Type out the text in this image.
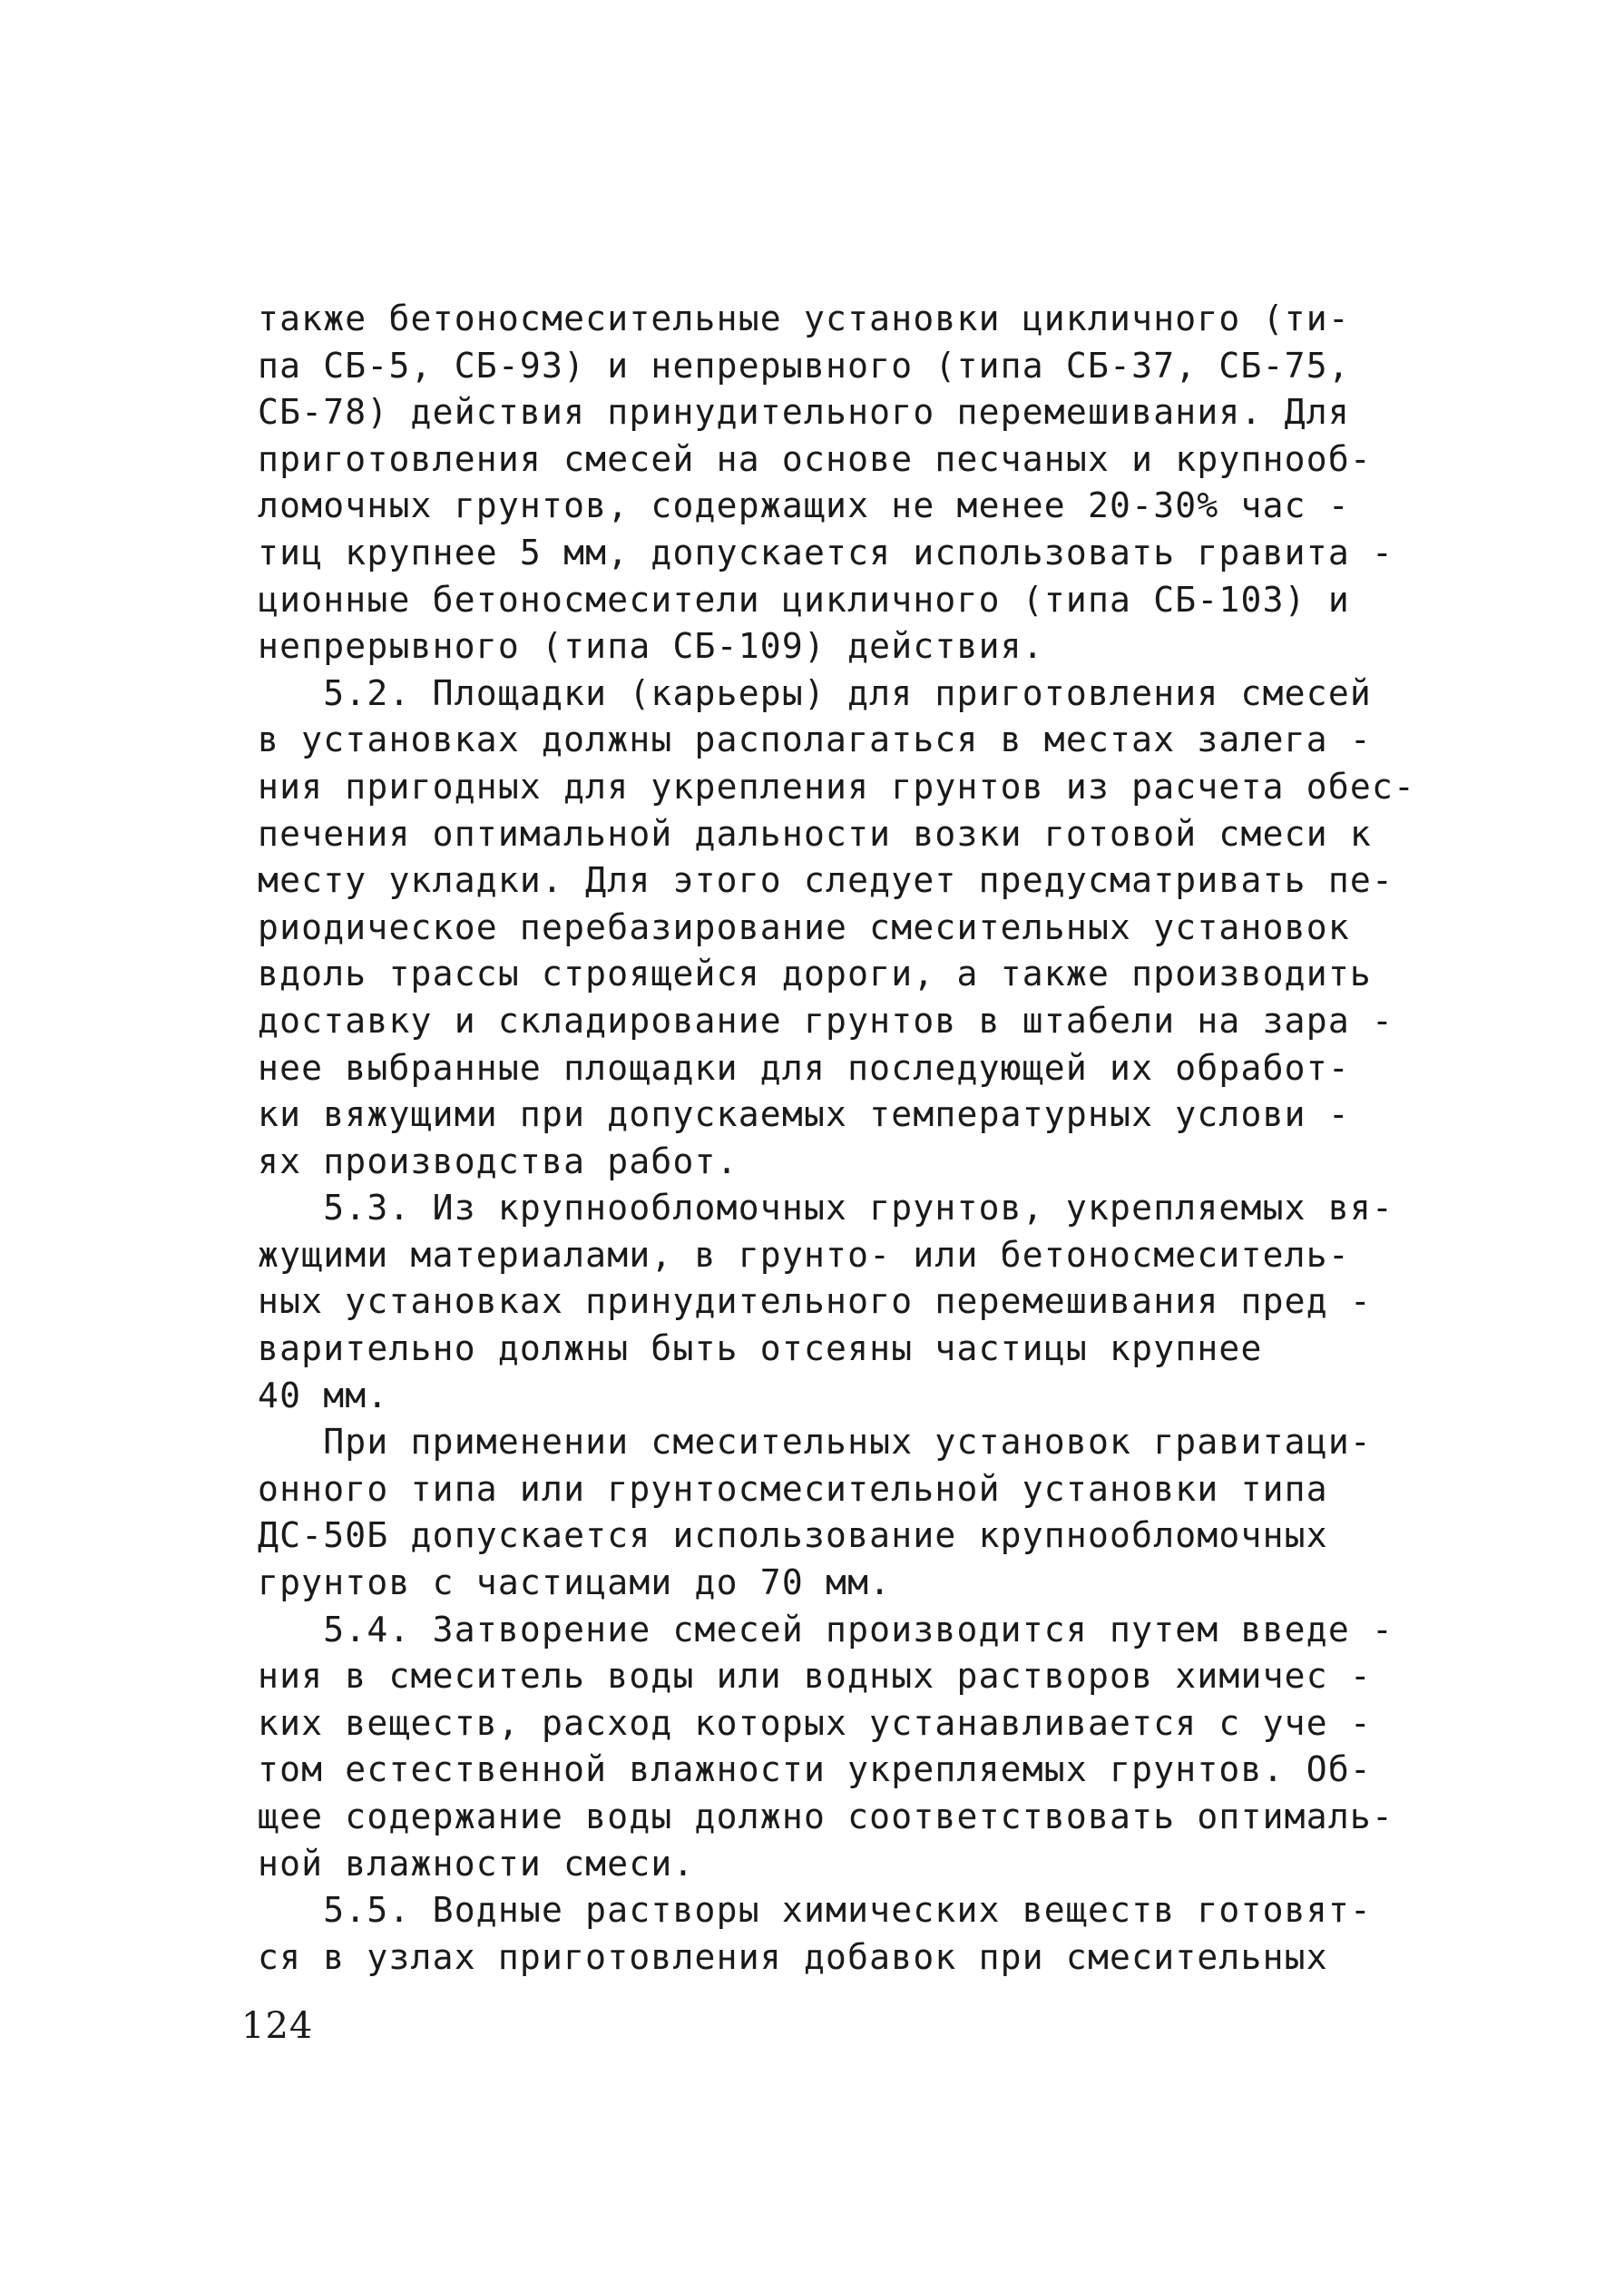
также бетоносмесительные установки цикличного (ти-
па СБ-5, СБ-93) и непрерывного (типа СБ-37, СБ-75,
СБ-78) действия принудительного перемешивания. Для
приготовления смесей на основе песчаных и крупнооб-
ломочных грунтов, содержащих не менее 20-30% час -
тиц крупнее 5 мм, допускается использовать гравита -
ционные бетоносмесители цикличного (типа СБ-103) и
непрерывного (типа СБ-109) действия.
5.2. Площадки (карьеры) для приготовления смесей
в установках должны располагаться в местах залега -
ния пригодных для укрепления грунтов из расчета обес-
печения оптимальной дальности возки готовой смеси к
месту укладки. Для этого следует предусматривать пе-
риодическое перебазирование смесительных установок
вдоль трассы строящейся дороги, а также производить
доставку и складирование грунтов в штабели на зара -
нее выбранные площадки для последующей их обработ-
ки вяжущими при допускаемых температурных услови -
ях производства работ.
5.3. Из крупнообломочных грунтов, укрепляемых вя-
жущими материалами, в грунто- или бетоносмеситель-
ных установках принудительного перемешивания пред -
варительно должны быть отсеяны частицы крупнее
40 мм.
При применении смесительных установок гравитаци-
онного типа или грунтосмесительной установки типа
ДС-50Б допускается использование крупнообломочных
грунтов с частицами до 70 мм.
5.4. Затворение смесей производится путем введе -
ния в смеситель воды или водных растворов химичес -
ких веществ, расход которых устанавливается с уче -
том естественной влажности укрепляемых грунтов. Об-
щее содержание воды должно соответствовать оптималь-
ной влажности смеси.
5.5. Водные растворы химических веществ готовят-
ся в узлах приготовления добавок при смесительных
124
